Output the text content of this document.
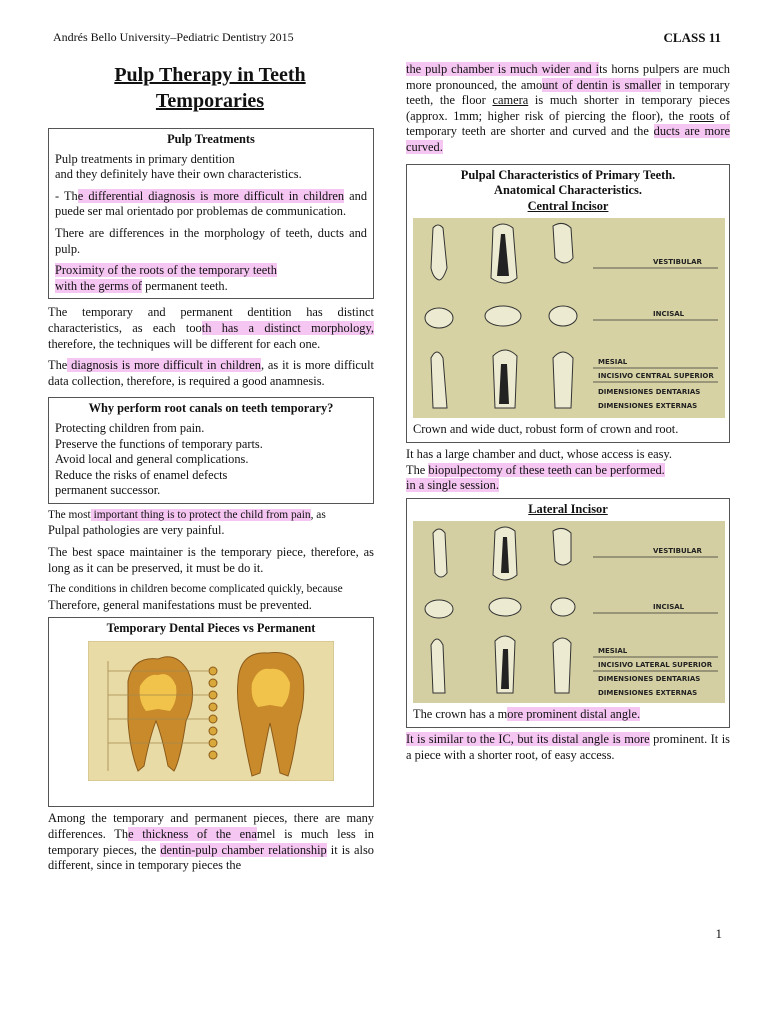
Andrés Bello University–Pediatric Dentistry 2015	CLASS 11
Pulp Therapy in Teeth
Temporaries
Pulp Treatments

Pulp treatments in primary dentition

and they definitely have their own characteristics.

- The differential diagnosis is more difficult in children and puede ser mal orientado por problemas de communication.

There are differences in the morphology of teeth, ducts and pulp.

Proximity of the roots of the temporary teeth
with the germs of permanent teeth.

The temporary and permanent dentition has distinct characteristics, as each tooth has a distinct morphology, therefore, the techniques will be different for each one.

The diagnosis is more difficult in children, as it is more difficult data collection, therefore, is required a good anamnesis.

Why perform root canals on teeth temporary?

Protecting children from pain.

Preserve the functions of temporary parts.

Avoid local and general complications.

Reduce the risks of enamel defects

permanent successor.

The most important thing is to protect the child from pain, as

Pulpal pathologies are very painful.

The best space maintainer is the temporary piece, therefore, as long as it can be preserved, it must be do it.

The conditions in children become complicated quickly, because

Therefore, general manifestations must be prevented.

Temporary Dental Pieces vs Permanent

Among the temporary and permanent pieces, there are many differences. The thickness of the enamel is much less in temporary pieces, the dentin-pulp chamber relationship it is also different, since in temporary pieces the

the pulp chamber is much wider and its horns pulpers are much more pronounced, the amount of dentin is smaller in temporary teeth, the floor camera is much shorter in temporary pieces (approx. 1mm; higher risk of piercing the floor), the roots of temporary teeth are shorter and curved and the ducts are more curved.

Pulpal Characteristics of Primary Teeth.
Anatomical Characteristics.
Central Incisor
VESTIBULAR
INCISAL
MESIAL
INCISIVO CENTRAL SUPERIOR
DIMENSIONES DENTARIAS
DIMENSIONES EXTERNAS

Crown and wide duct, robust form of crown and root.

It has a large chamber and duct, whose access is easy.

The biopulpectomy of these teeth can be performed.
in a single session.

Lateral Incisor
VESTIBULAR
INCISAL
MESIAL
INCISIVO LATERAL SUPERIOR
DIMENSIONES DENTARIAS
DIMENSIONES EXTERNAS

The crown has a more prominent distal angle.

It is similar to the IC, but its distal angle is more prominent. It is a piece with a shorter root, of easy access.

1
